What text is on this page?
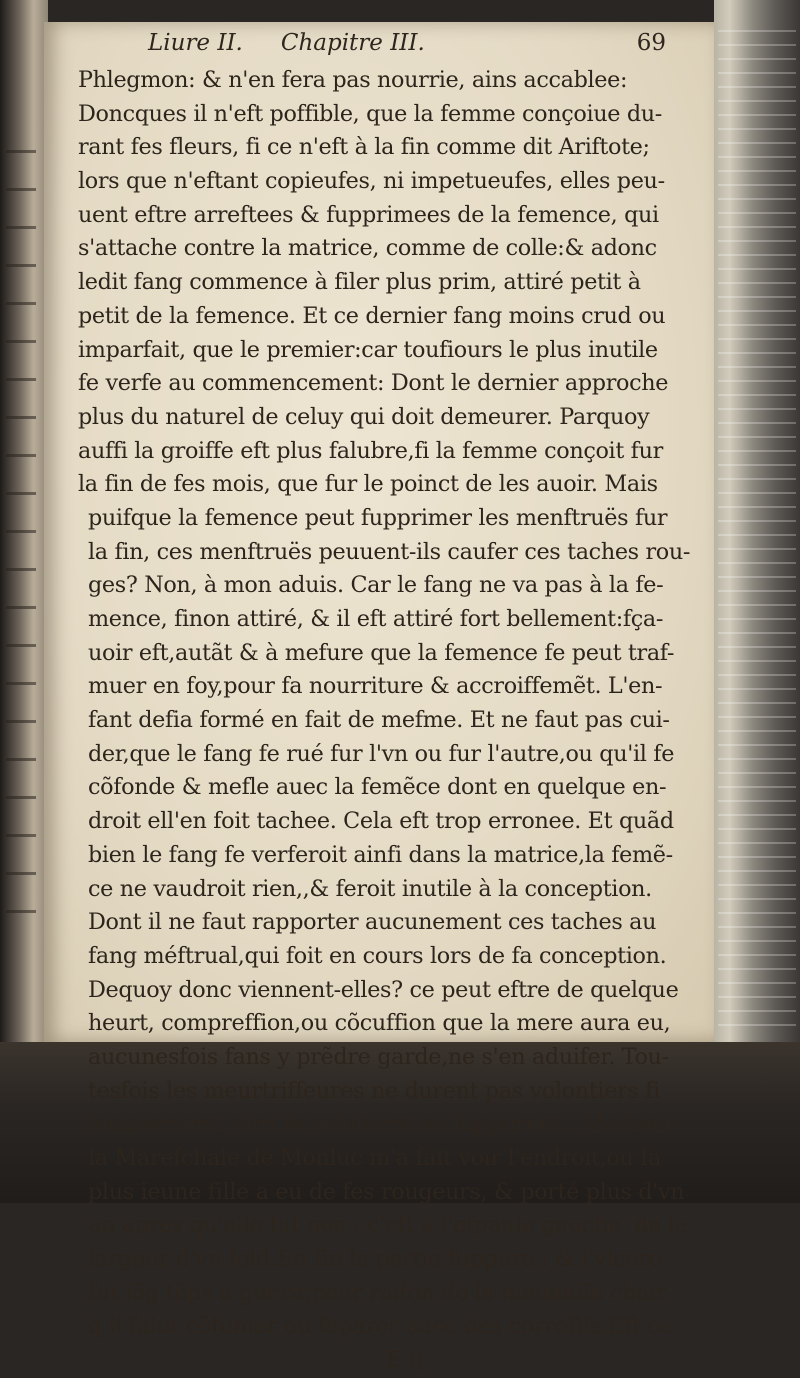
Liure II. Chapitre III.	69
Phlegmon: & n'en fera pas nourrie, ains accablee:
Doncques il n'eft poffible, que la femme conçoiue du-
rant fes fleurs, fi ce n'eft à la fin comme dit Ariftote;
lors que n'eftant copieufes, ni impetueufes, elles peu-
uent eftre arreftees & fupprimees de la femence, qui
s'attache contre la matrice, comme de colle:& adonc
ledit fang commence à filer plus prim, attiré petit à
petit de la femence. Et ce dernier fang moins crud ou
imparfait, que le premier:car toufiours le plus inutile
fe verfe au commencement: Dont le dernier approche
plus du naturel de celuy qui doit demeurer. Parquoy
auffi la groiffe eft plus falubre,fi la femme conçoit fur
la fin de fes mois, que fur le poinct de les auoir. Mais
puifque la femence peut fupprimer les menftruës fur
la fin, ces menftruës peuuent-ils caufer ces taches rou-
ges? Non, à mon aduis. Car le fang ne va pas à la fe-
mence, finon attiré, & il eft attiré fort bellement:fça-
uoir eft,autãt & à mefure que la femence fe peut traf-
muer en foy,pour fa nourriture & accroiffemẽt. L'en-
fant defia formé en fait de mefme. Et ne faut pas cui-
der,que le fang fe rué fur l'vn ou fur l'autre,ou qu'il fe
cõfonde & mefle auec la femẽce dont en quelque en-
droit ell'en foit tachee. Cela eft trop erronee. Et quãd
bien le fang fe verferoit ainfi dans la matrice,la femẽ-
ce ne vaudroit rien,,& feroit inutile à la conception.
Dont il ne faut rapporter aucunement ces taches au
fang méftrual,qui foit en cours lors de fa conception.
Dequoy donc viennent-elles? ce peut eftre de quelque
heurt, compreffion,ou cõcuffion que la mere aura eu,
aucunesfois fans y prẽdre garde,ne s'en aduifer. Tou-
tesfois les meurtriffeures ne durent pas volontiers fi
longuement, ains fe refoluent ou fuppurent., Madame
la Marefchale de Monluc m'a fait voir l'endroit,ou fa
plus ieune fille a eu de fes rougeurs, & porté plus d'vn
an apres qu'elle fut nee : c'eft à l'efpaule gauche, de la
largeur d'vn fold.En fin la partie fuppura : & l'vlcere
fut lõg tẽps à guérir,pour raifon de la mauuaife chair,
q̃ il falut cõfumer ou feparer auec des corrofifs.Eft ce
E ij
